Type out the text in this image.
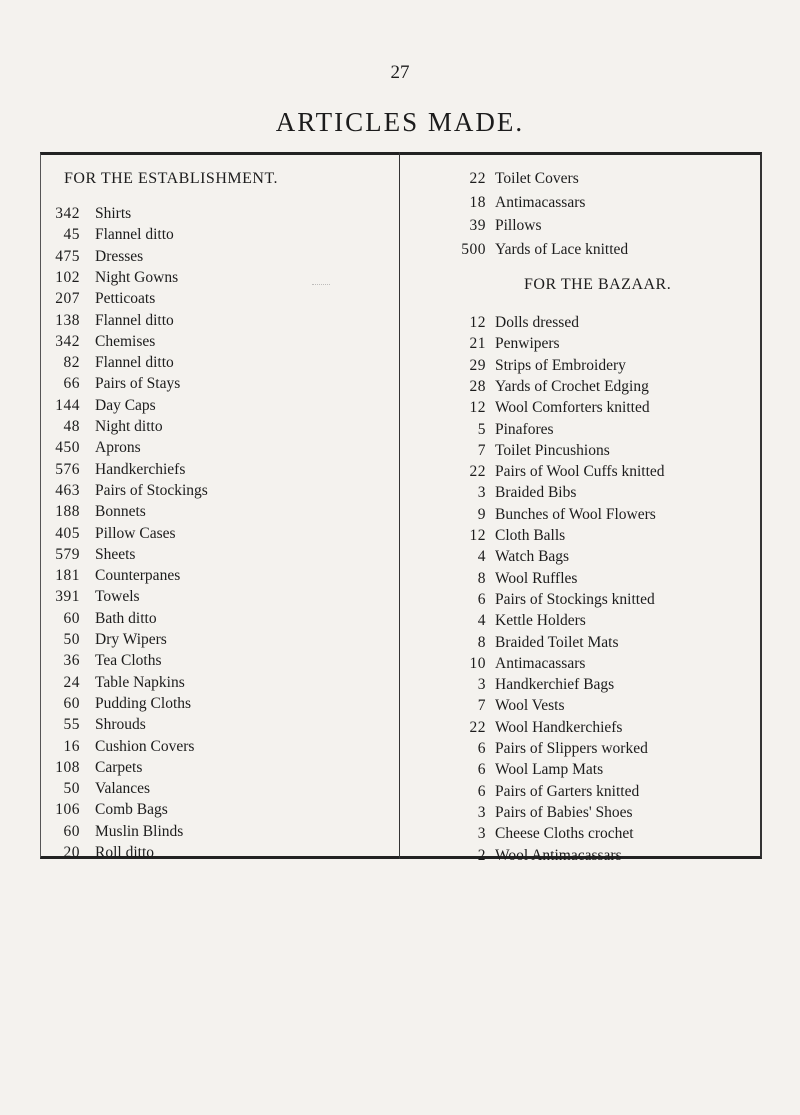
27
ARTICLES MADE.
FOR THE ESTABLISHMENT.
342 Shirts
45 Flannel ditto
475 Dresses
102 Night Gowns
207 Petticoats
138 Flannel ditto
342 Chemises
82 Flannel ditto
66 Pairs of Stays
144 Day Caps
48 Night ditto
450 Aprons
576 Handkerchiefs
463 Pairs of Stockings
188 Bonnets
405 Pillow Cases
579 Sheets
181 Counterpanes
391 Towels
60 Bath ditto
50 Dry Wipers
36 Tea Cloths
24 Table Napkins
60 Pudding Cloths
55 Shrouds
16 Cushion Covers
108 Carpets
50 Valances
106 Comb Bags
60 Muslin Blinds
20 Roll ditto
22 Toilet Covers
18 Antimacassars
39 Pillows
500 Yards of Lace knitted
FOR THE BAZAAR.
12 Dolls dressed
21 Penwipers
29 Strips of Embroidery
28 Yards of Crochet Edging
12 Wool Comforters knitted
5 Pinafores
7 Toilet Pincushions
22 Pairs of Wool Cuffs knitted
3 Braided Bibs
9 Bunches of Wool Flowers
12 Cloth Balls
4 Watch Bags
8 Wool Ruffles
6 Pairs of Stockings knitted
4 Kettle Holders
8 Braided Toilet Mats
10 Antimacassars
3 Handkerchief Bags
7 Wool Vests
22 Wool Handkerchiefs
6 Pairs of Slippers worked
6 Wool Lamp Mats
6 Pairs of Garters knitted
3 Pairs of Babies' Shoes
3 Cheese Cloths crochet
2 Wool Antimacassars
